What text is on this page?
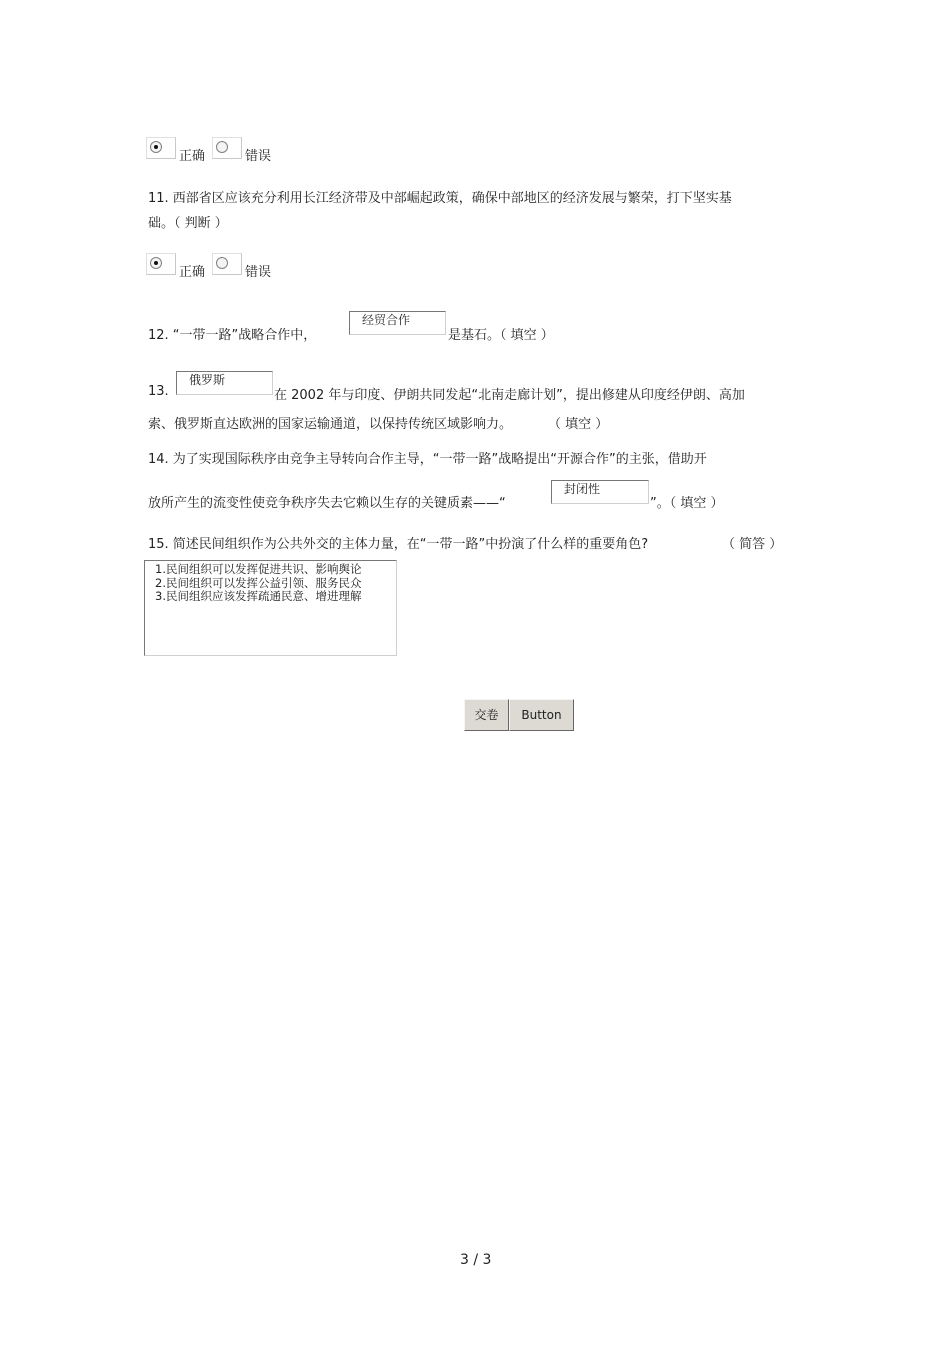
正确	错误
11. 西部省区应该充分利用长江经济带及中部崛起政策，确保中部地区的经济发展与繁荣，打下坚实基
础。（ 判断 ）
正确	错误
12. “一带一路”战略合作中，
经贸合作
是基石。（ 填空 ）
13.
俄罗斯
在 2002 年与印度、伊朗共同发起“北南走廊计划”，提出修建从印度经伊朗、高加
索、俄罗斯直达欧洲的国家运输通道，以保持传统区域影响力。	（ 填空 ）
14. 为了实现国际秩序由竞争主导转向合作主导，“一带一路”战略提出“开源合作”的主张，借助开
放所产生的流变性使竞争秩序失去它赖以生存的关键质素——“
封闭性
”。（ 填空 ）
15. 简述民间组织作为公共外交的主体力量，在“一带一路”中扮演了什么样的重要角色?	（ 简答 ）
1.民间组织可以发挥促进共识、影响舆论
2.民间组织可以发挥公益引领、服务民众
3.民间组织应该发挥疏通民意、增进理解
交卷	Button
3 / 3
